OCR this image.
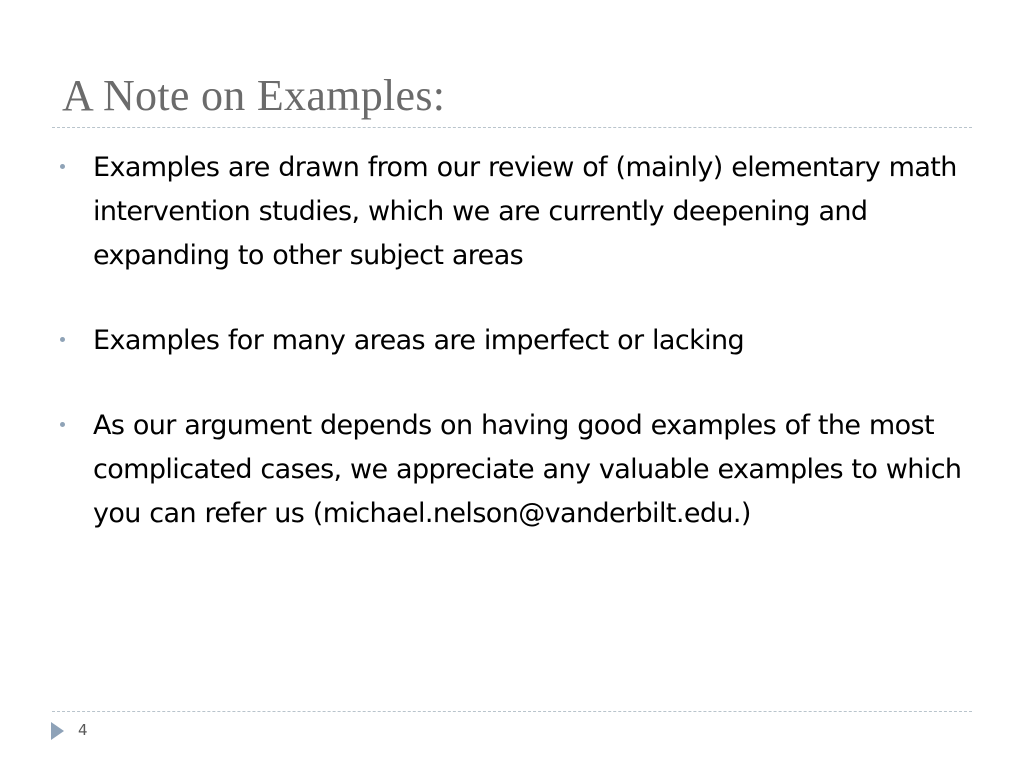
A Note on Examples:
Examples are drawn from our review of (mainly) elementary math intervention studies, which we are currently deepening and expanding to other subject areas
Examples for many areas are imperfect or lacking
As our argument depends on having good examples of the most complicated cases, we appreciate any valuable examples to which you can refer us (michael.nelson@vanderbilt.edu.)
4
